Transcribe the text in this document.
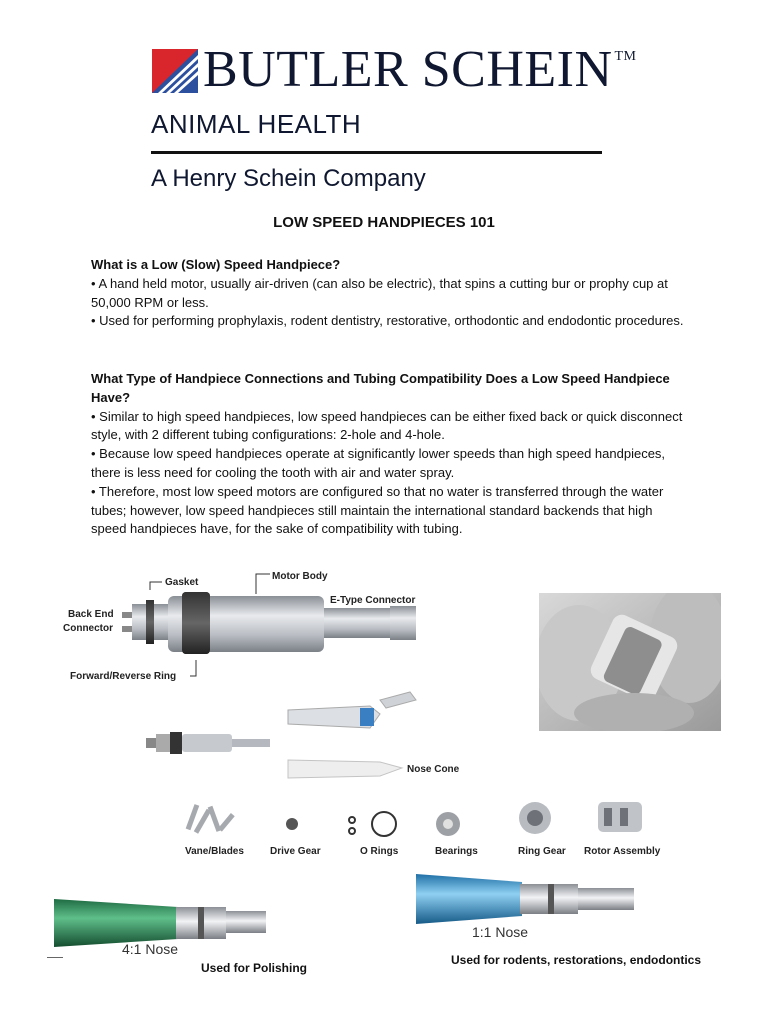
BUTLER SCHEIN ™
ANIMAL HEALTH
A Henry Schein Company
LOW SPEED HANDPIECES 101

What is a Low (Slow) Speed Handpiece?

• A hand held motor, usually air-driven (can also be electric), that spins a cutting bur or prophy cup at 50,000 RPM or less.

• Used for performing prophylaxis, rodent dentistry, restorative, orthodontic and endodontic procedures.

What Type of Handpiece Connections and Tubing Compatibility Does a Low Speed Handpiece Have?

• Similar to high speed handpieces, low speed handpieces can be either fixed back or quick disconnect style, with 2 different tubing configurations: 2-hole and 4-hole.

• Because low speed handpieces operate at significantly lower speeds than high speed handpieces, there is less need for cooling the tooth with air and water spray.

• Therefore, most low speed motors are configured so that no water is transferred through the water tubes; however, low speed handpieces still maintain the international standard backends that high speed handpieces have, for the sake of compatibility with tubing.

Gasket
Motor Body
E-Type Connector
Back End
Connector
Forward/Reverse Ring
Nose Cone
Vane/Blades	Drive Gear	O Rings	Bearings	Ring Gear Rotor Assembly
4:1 Nose
Used for Polishing
1:1 Nose
Used for rodents, restorations, endodontics
